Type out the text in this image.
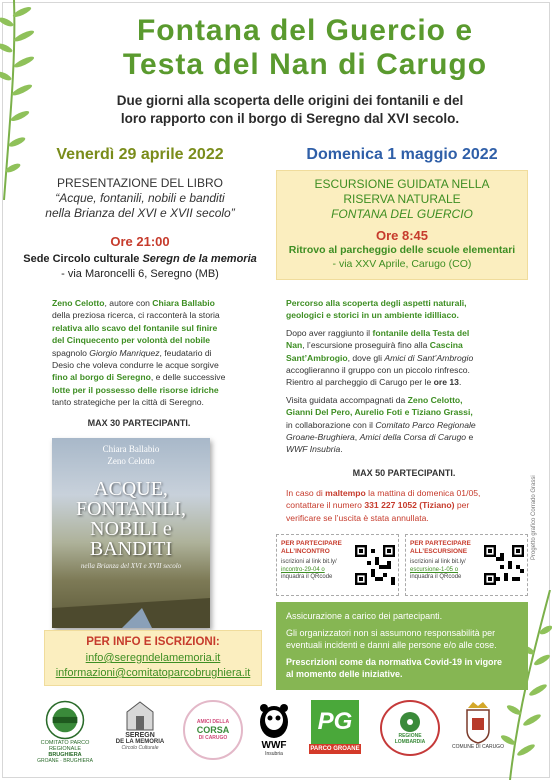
Fontana del Guercio e
Testa del Nan di Carugo
Due giorni alla scoperta delle origini dei fontanili e del
loro rapporto con il borgo di Seregno dal XVI secolo.
Venerdì 29 aprile 2022	Domenica 1 maggio 2022
PRESENTAZIONE DEL LIBRO
“Acque, fontanili, nobili e banditi
nella Brianza del XVI e XVII secolo”
Ore 21:00
Sede Circolo culturale Seregn de la memoria
- via Maroncelli 6, Seregno (MB)
Zeno Celotto, autore con Chiara Ballabio
della preziosa ricerca, ci racconterà la storia
relativa allo scavo del fontanile sul finire
del Cinquecento per volontà del nobile
spagnolo Giorgio Manriquez, feudatario di
Desio che voleva condurre le acque sorgive
fino al borgo di Seregno, e delle successive
lotte per il possesso delle risorse idriche
tanto strategiche per la città di Seregno.
MAX 30 PARTECIPANTI.
Chiara Ballabio
Zeno Celotto
ACQUE,
FONTANILI,
NOBILI e
BANDITI
nella Brianza del XVI e XVII secolo
PER INFO E ISCRIZIONI:
info@seregndelamemoria.it
informazioni@comitatoparcobrughiera.it
ESCURSIONE GUIDATA NELLA
RISERVA NATURALE
FONTANA DEL GUERCIO
Ore 8:45
Ritrovo al parcheggio delle scuole elementari
- via XXV Aprile, Carugo (CO)
Percorso alla scoperta degli aspetti naturali,
geologici e storici in un ambiente idilliaco.
Dopo aver raggiunto il fontanile della Testa del
Nan, l’escursione proseguirà fino alla Cascina
Sant’Ambrogio, dove gli Amici di Sant’Ambrogio
accoglieranno il gruppo con un piccolo rinfresco.
Rientro al parcheggio di Carugo per le ore 13.
Visita guidata accompagnati da Zeno Celotto,
Gianni Del Pero, Aurelio Foti e Tiziano Grassi,
in collaborazione con il Comitato Parco Regionale
Groane-Brughiera, Amici della Corsa di Carugo e
WWF Insubria.
MAX 50 PARTECIPANTI.
In caso di maltempo la mattina di domenica 01/05,
contattare il numero 331 227 1052 (Tiziano) per
verificare se l’uscita è stata annullata.
PER PARTECIPARE
ALL’INCONTRO
iscrizioni al link bit.ly/
incontro-29-04 o
inquadra il QRcode
PER PARTECIPARE
ALL’ESCURSIONE
iscrizioni al link bit.ly/
escursione-1-05 o
inquadra il QRcode
Assicurazione a carico dei partecipanti.
Gli organizzatori non si assumono responsabilità per
eventuali incidenti e danni alle persone e/o alle cose.
Prescrizioni come da normativa Covid-19 in vigore
al momento delle iniziative.
Progetto grafico Corrado Grassi
COMITATO PARCO REGIONALE
BRUGHIERA
GROANE · BRUGHIERA
SEREGN
DE LA MEMORIA
Circolo Culturale
AMICI DELLA
CORSA
DI CARUGO
WWF
Insubria
PG
PARCO GROANE
REGIONE
LOMBARDIA
COMUNE DI CARUGO
